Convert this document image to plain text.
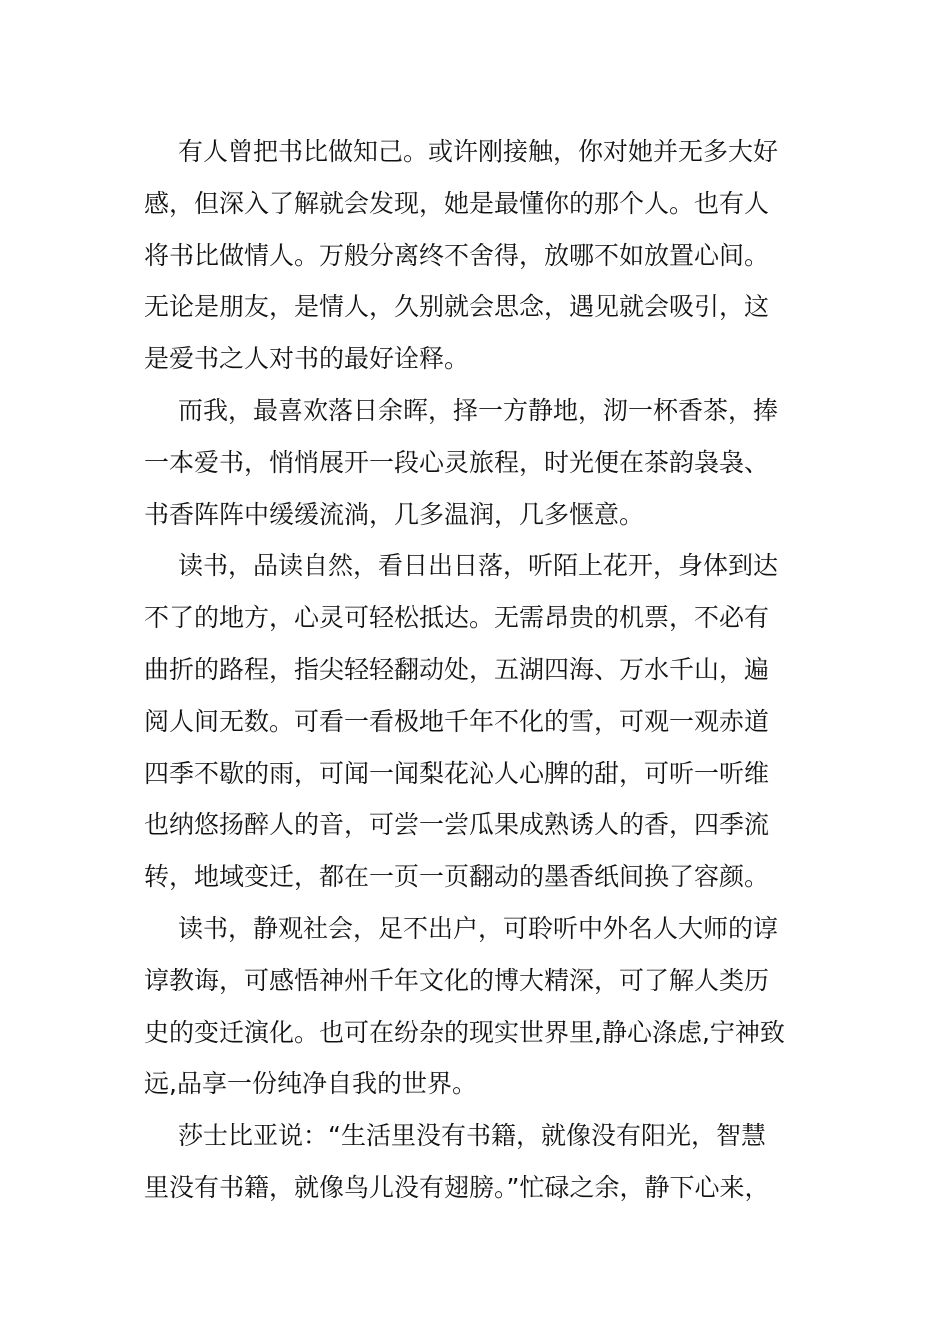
有人曾把书比做知己。或许刚接触，你对她并无多大好
感，但深入了解就会发现，她是最懂你的那个人。也有人
将书比做情人。万般分离终不舍得，放哪不如放置心间。
无论是朋友，是情人，久别就会思念，遇见就会吸引，这
是爱书之人对书的最好诠释。
而我，最喜欢落日余晖，择一方静地，沏一杯香茶，捧
一本爱书，悄悄展开一段心灵旅程，时光便在茶韵袅袅、
书香阵阵中缓缓流淌，几多温润，几多惬意。
读书，品读自然，看日出日落，听陌上花开，身体到达
不了的地方，心灵可轻松抵达。无需昂贵的机票，不必有
曲折的路程，指尖轻轻翻动处，五湖四海、万水千山，遍
阅人间无数。可看一看极地千年不化的雪，可观一观赤道
四季不歇的雨，可闻一闻梨花沁人心脾的甜，可听一听维
也纳悠扬醉人的音，可尝一尝瓜果成熟诱人的香，四季流
转，地域变迁，都在一页一页翻动的墨香纸间换了容颜。
读书，静观社会，足不出户，可聆听中外名人大师的谆
谆教诲，可感悟神州千年文化的博大精深，可了解人类历
史的变迁演化。也可在纷杂的现实世界里,静心涤虑,宁神致
远,品享一份纯净自我的世界。
莎士比亚说：“生活里没有书籍，就像没有阳光，智慧
里没有书籍，就像鸟儿没有翅膀。”忙碌之余，静下心来，
